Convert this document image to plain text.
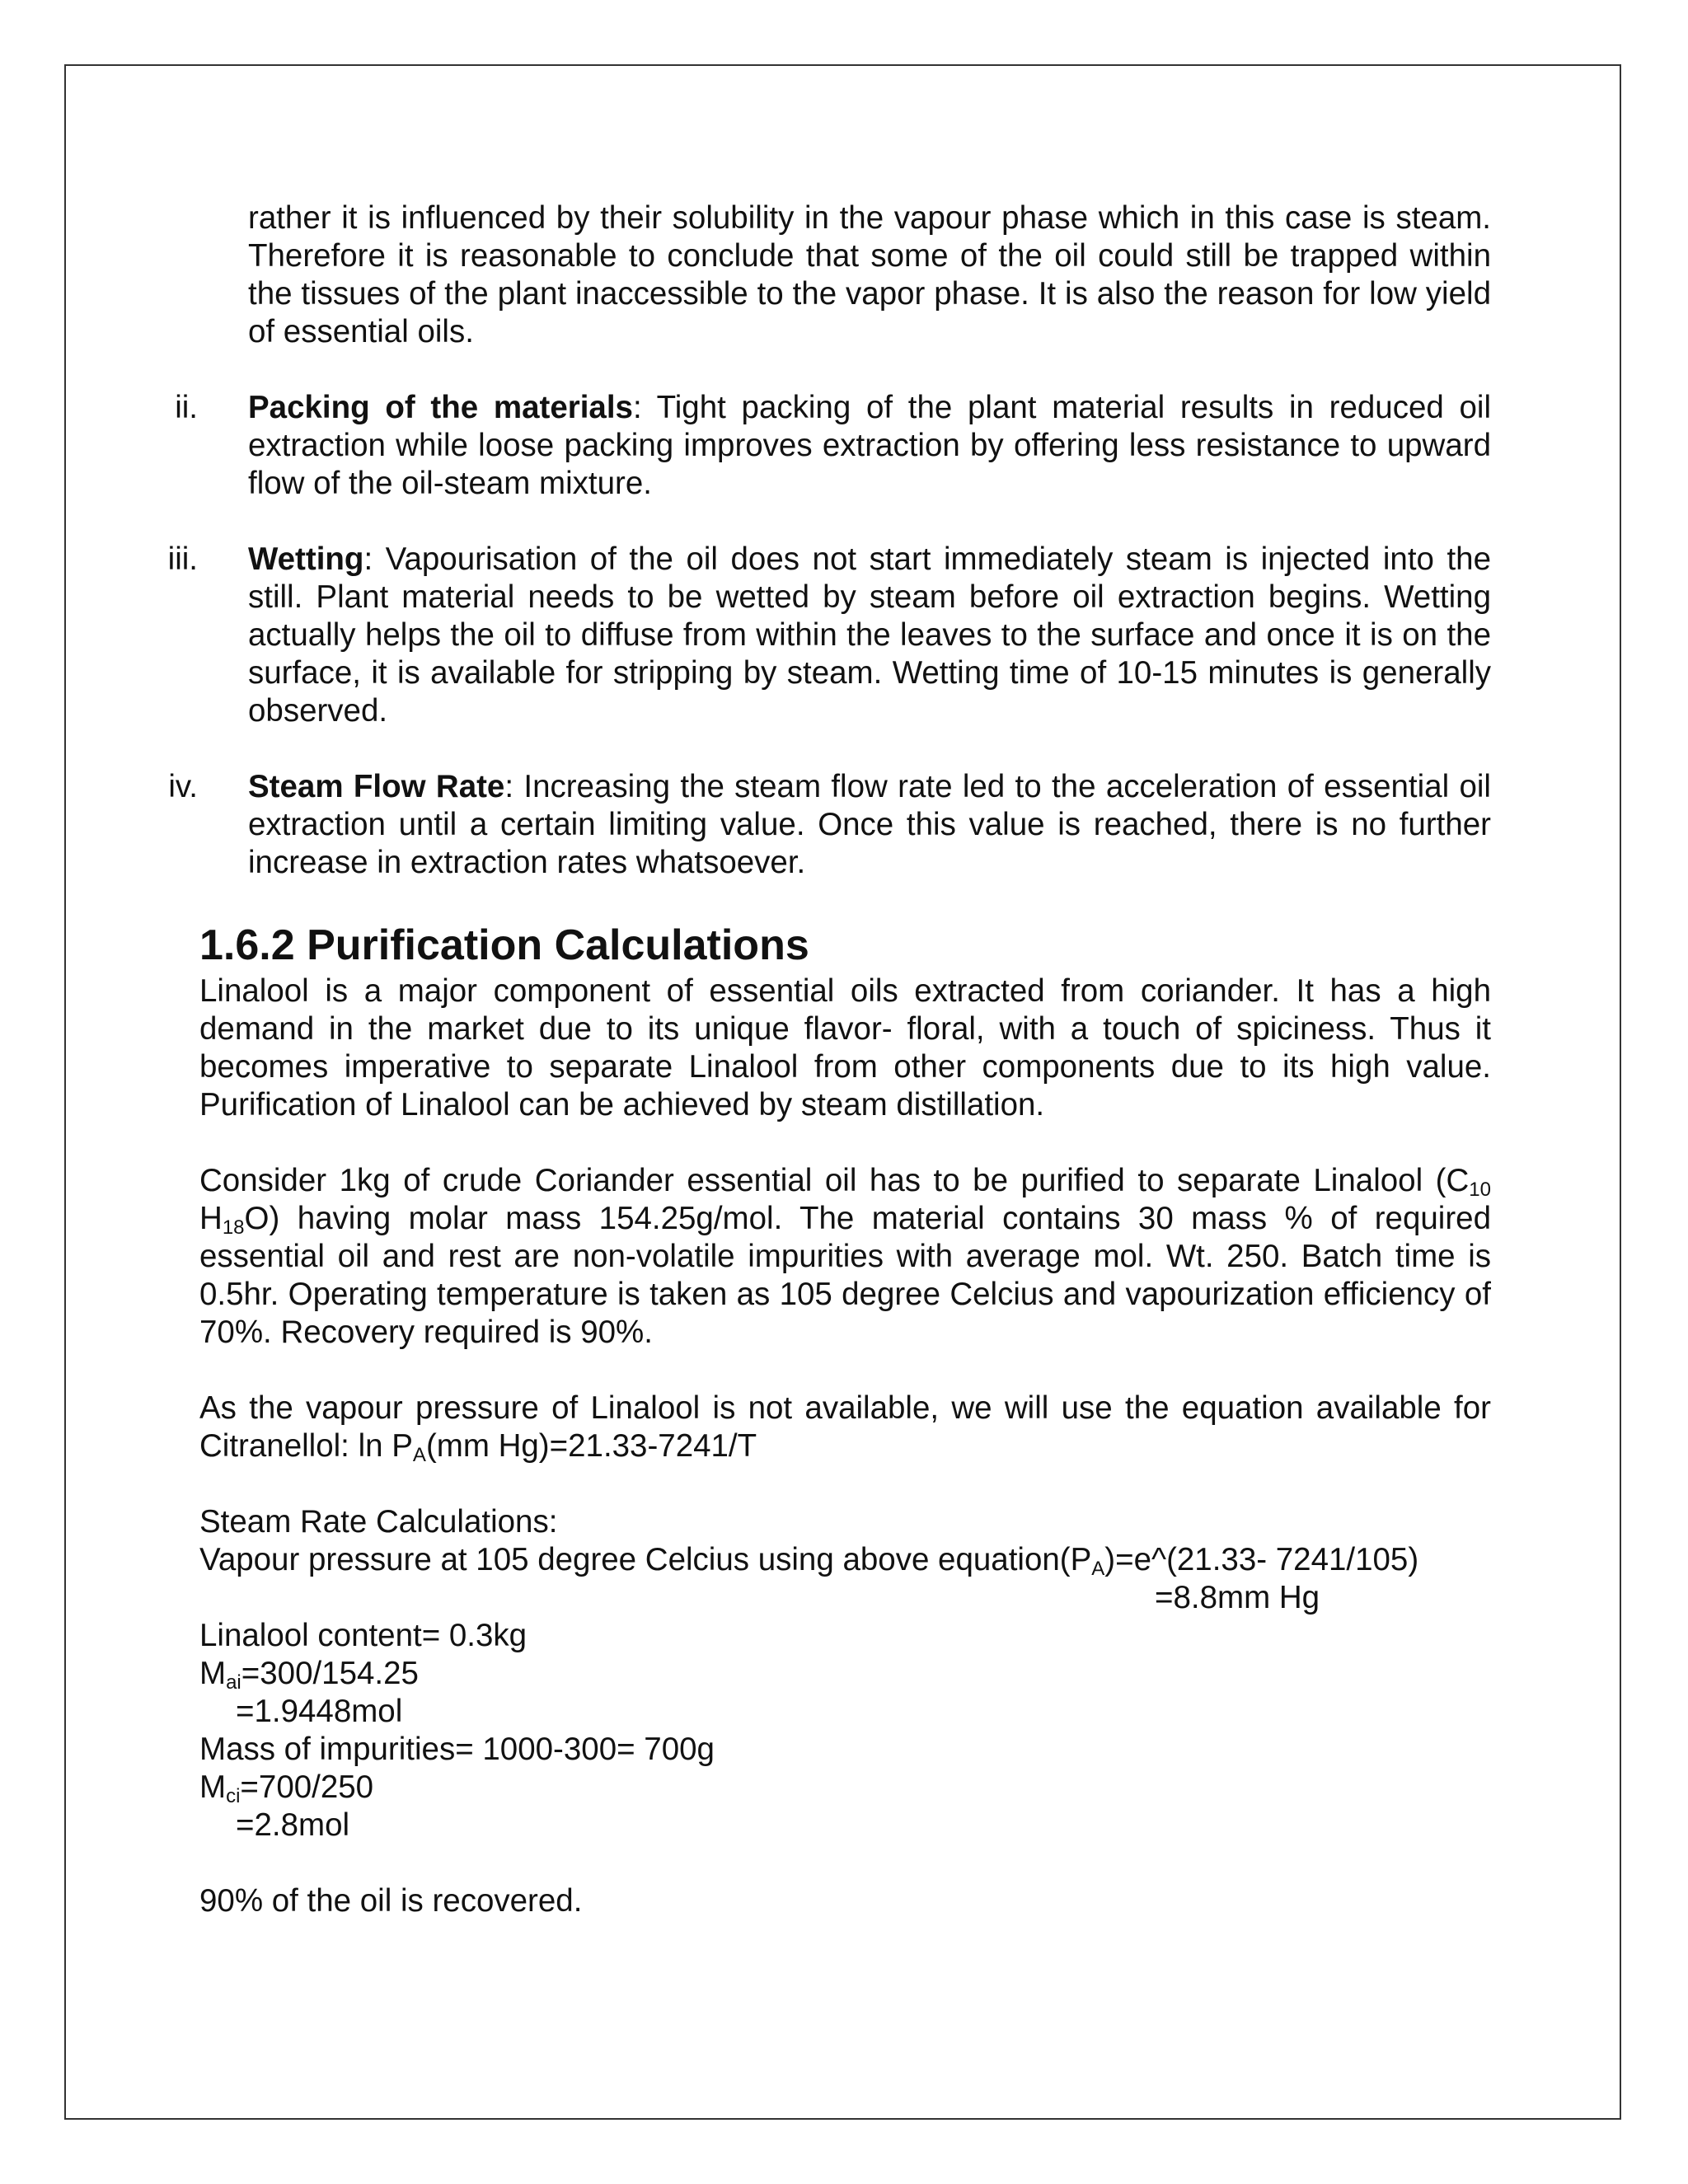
rather it is influenced by their solubility in the vapour phase which in this case is steam. Therefore it is reasonable to conclude that some of the oil could still be trapped within the tissues of the plant inaccessible to the vapor phase. It is also the reason for low yield of essential oils.
ii. Packing of the materials: Tight packing of the plant material results in reduced oil extraction while loose packing improves extraction by offering less resistance to upward flow of the oil-steam mixture.
iii. Wetting: Vapourisation of the oil does not start immediately steam is injected into the still. Plant material needs to be wetted by steam before oil extraction begins. Wetting actually helps the oil to diffuse from within the leaves to the surface and once it is on the surface, it is available for stripping by steam. Wetting time of 10-15 minutes is generally observed.
iv. Steam Flow Rate: Increasing the steam flow rate led to the acceleration of essential oil extraction until a certain limiting value. Once this value is reached, there is no further increase in extraction rates whatsoever.
1.6.2 Purification Calculations
Linalool is a major component of essential oils extracted from coriander. It has a high demand in the market due to its unique flavor- floral, with a touch of spiciness. Thus it becomes imperative to separate Linalool from other components due to its high value. Purification of Linalool can be achieved by steam distillation.
Consider 1kg of crude Coriander essential oil has to be purified to separate Linalool ($C_{10}$ $H_{18}O$) having molar mass 154.25g/mol. The material contains 30 mass % of required essential oil and rest are non-volatile impurities with average mol. Wt. 250. Batch time is 0.5hr. Operating temperature is taken as 105 degree Celcius and vapourization efficiency of 70%. Recovery required is 90%.
As the vapour pressure of Linalool is not available, we will use the equation available for Citranellol: $\ln P_A(mm$ Hg)=21.33-7241/T
Steam Rate Calculations:
Vapour pressure at 105 degree Celcius using above $equation(P_A)=e\^{}(21.33-$ 7241/105)
=8.8mm Hg
Linalool content= 0.3kg
$M_{ai}=300/154.25$
=1.9448mol
Mass of impurities= 1000-300= 700g
$M_{ci}=700/250$
=2.8mol
90% of the oil is recovered.
